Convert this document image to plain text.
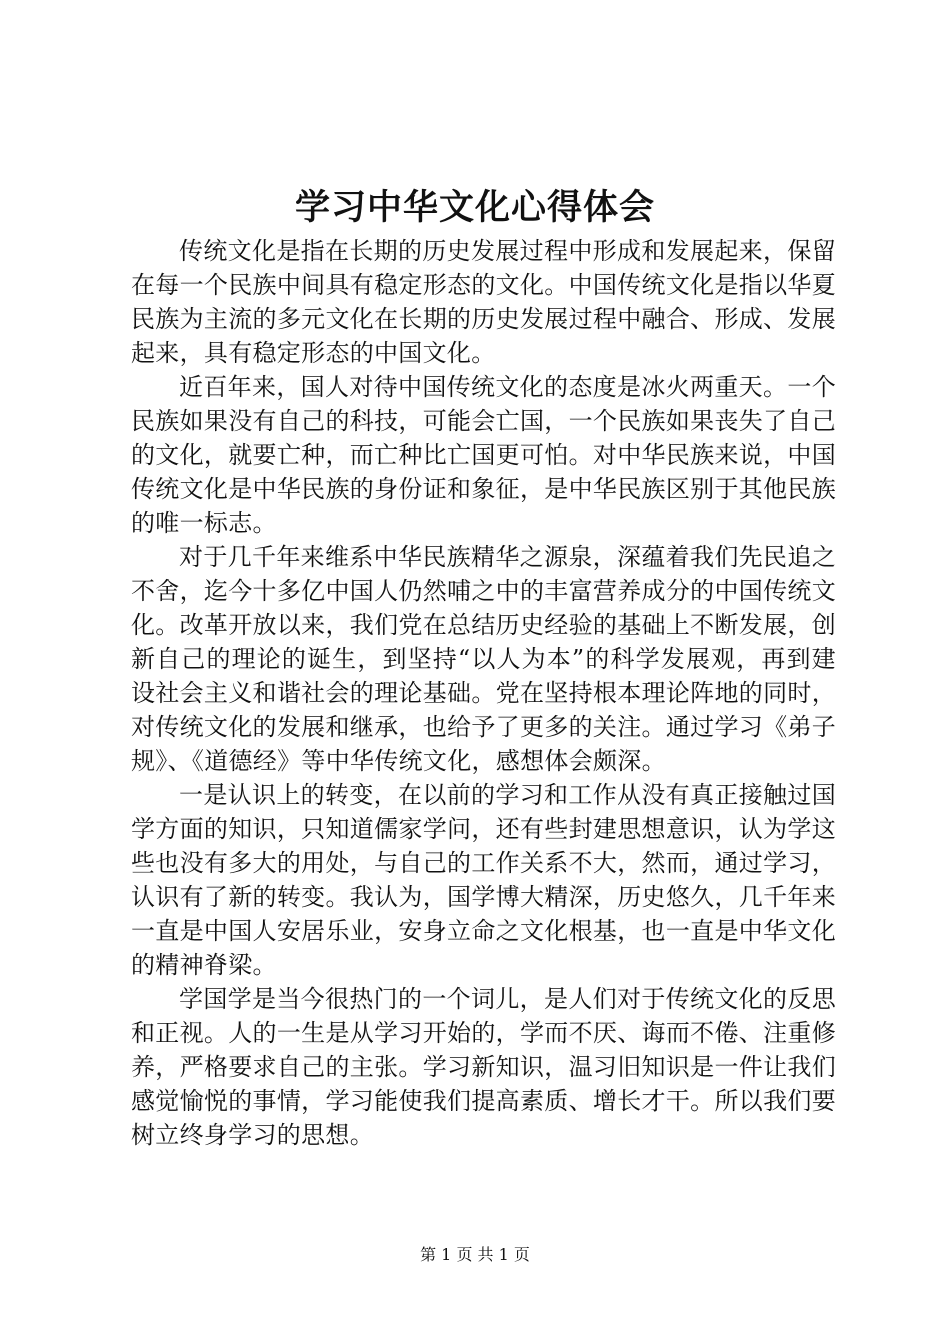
学习中华文化心得体会

传统文化是指在长期的历史发展过程中形成和发展起来，保留在每一个民族中间具有稳定形态的文化。中国传统文化是指以华夏民族为主流的多元文化在长期的历史发展过程中融合、形成、发展起来，具有稳定形态的中国文化。

近百年来，国人对待中国传统文化的态度是冰火两重天。一个民族如果没有自己的科技，可能会亡国，一个民族如果丧失了自己的文化，就要亡种，而亡种比亡国更可怕。对中华民族来说，中国传统文化是中华民族的身份证和象征，是中华民族区别于其他民族的唯一标志。

对于几千年来维系中华民族精华之源泉，深蕴着我们先民追之不舍，迄今十多亿中国人仍然哺之中的丰富营养成分的中国传统文化。改革开放以来，我们党在总结历史经验的基础上不断发展，创新自己的理论的诞生，到坚持“以人为本”的科学发展观，再到建设社会主义和谐社会的理论基础。党在坚持根本理论阵地的同时，对传统文化的发展和继承，也给予了更多的关注。通过学习《弟子规》、《道德经》等中华传统文化，感想体会颇深。

一是认识上的转变，在以前的学习和工作从没有真正接触过国学方面的知识，只知道儒家学问，还有些封建思想意识，认为学这些也没有多大的用处，与自己的工作关系不大，然而，通过学习，认识有了新的转变。我认为，国学博大精深，历史悠久，几千年来一直是中国人安居乐业，安身立命之文化根基，也一直是中华文化的精神脊梁。

学国学是当今很热门的一个词儿，是人们对于传统文化的反思和正视。人的一生是从学习开始的，学而不厌、诲而不倦、注重修养，严格要求自己的主张。学习新知识，温习旧知识是一件让我们感觉愉悦的事情，学习能使我们提高素质、增长才干。所以我们要树立终身学习的思想。

第 1 页 共 1 页
